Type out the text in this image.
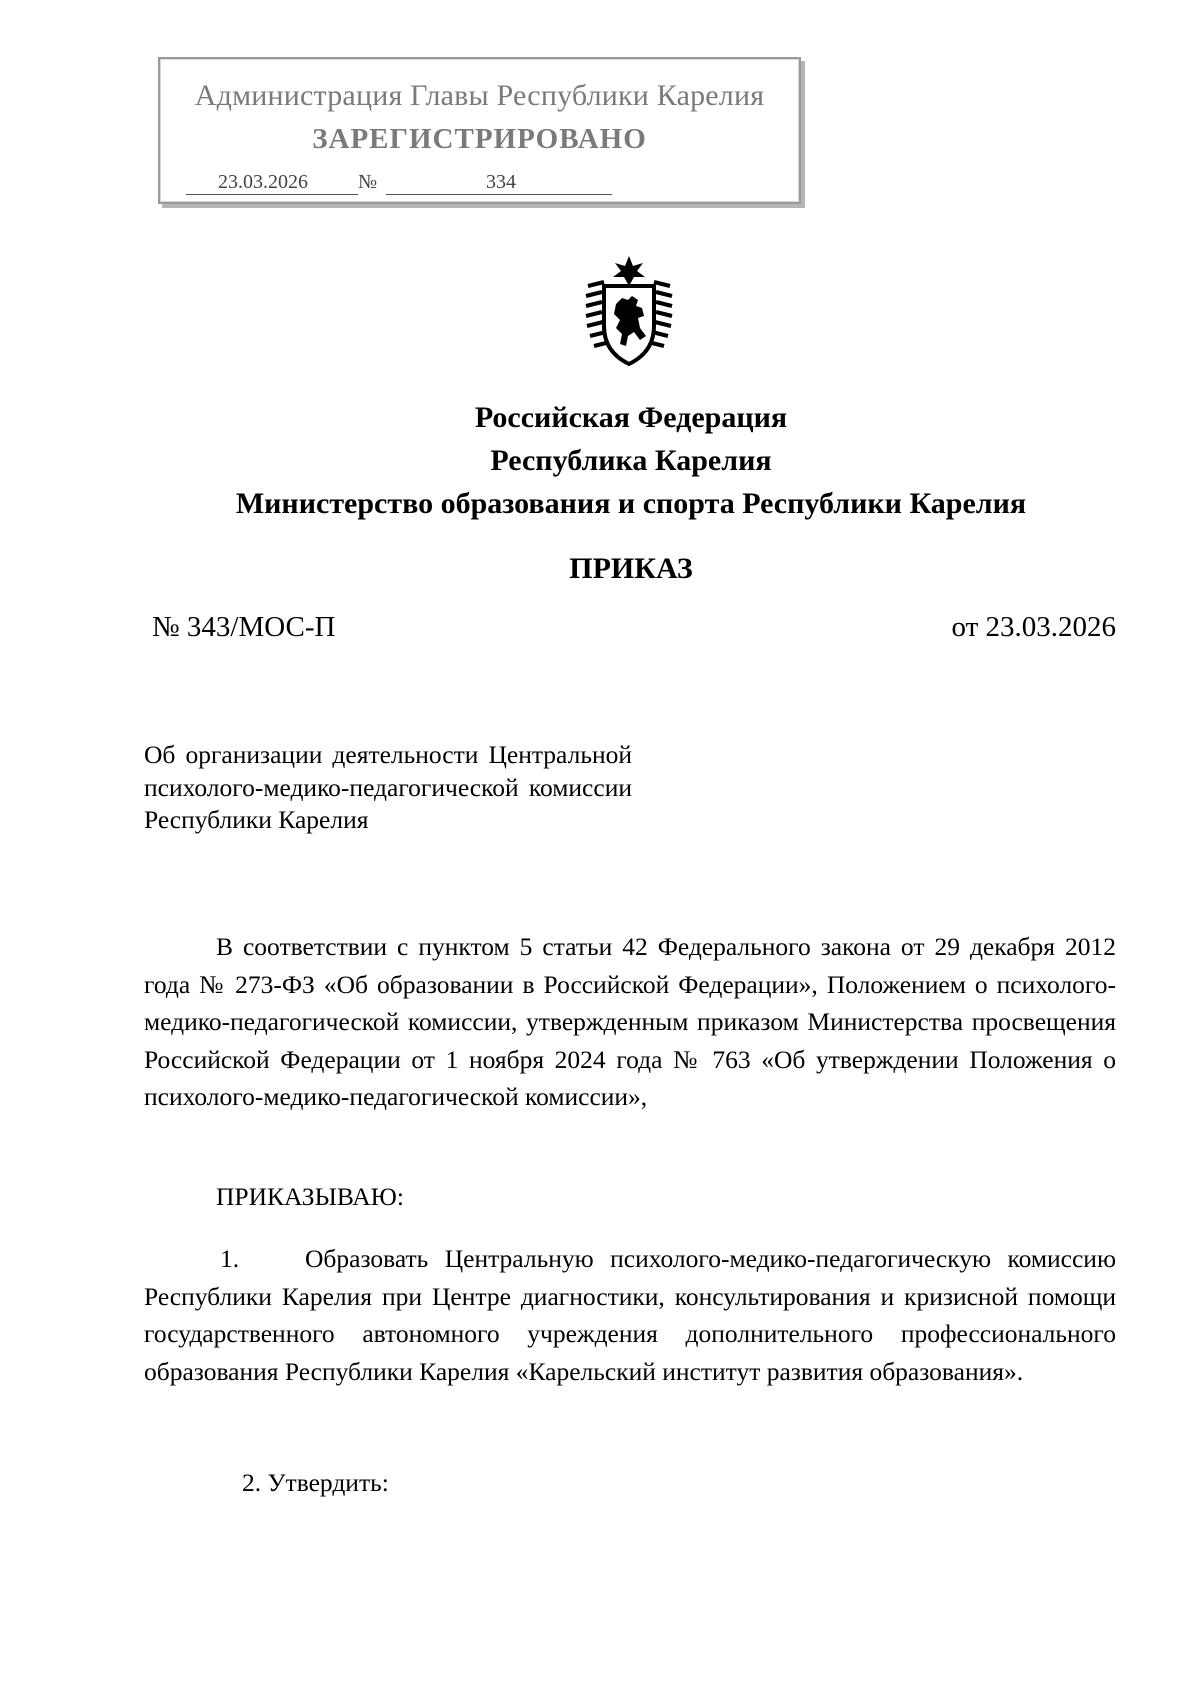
Администрация Главы Республики Карелия
ЗАРЕГИСТРИРОВАНО
23.03.2026	№	334
Российская Федерация
Республика Карелия
Министерство образования и спорта Республики Карелия
ПРИКАЗ
№ 343/МОС-П	от 23.03.2026
Об организации деятельности Центральной психолого-медико-педагогической комиссии Республики Карелия
В соответствии с пунктом 5 статьи 42 Федерального закона от 29 декабря 2012 года № 273-ФЗ «Об образовании в Российской Федерации», Положением о психолого-медико-педагогической комиссии, утвержденным приказом Министерства просвещения Российской Федерации от 1 ноября 2024 года № 763 «Об утверждении Положения о психолого-медико-педагогической комиссии»,
ПРИКАЗЫВАЮ:
1.    Образовать Центральную психолого-медико-педагогическую комиссию Республики Карелия при Центре диагностики, консультирования и кризисной помощи государственного автономного учреждения дополнительного профессионального образования Республики Карелия «Карельский институт развития образования».
2. Утвердить:
